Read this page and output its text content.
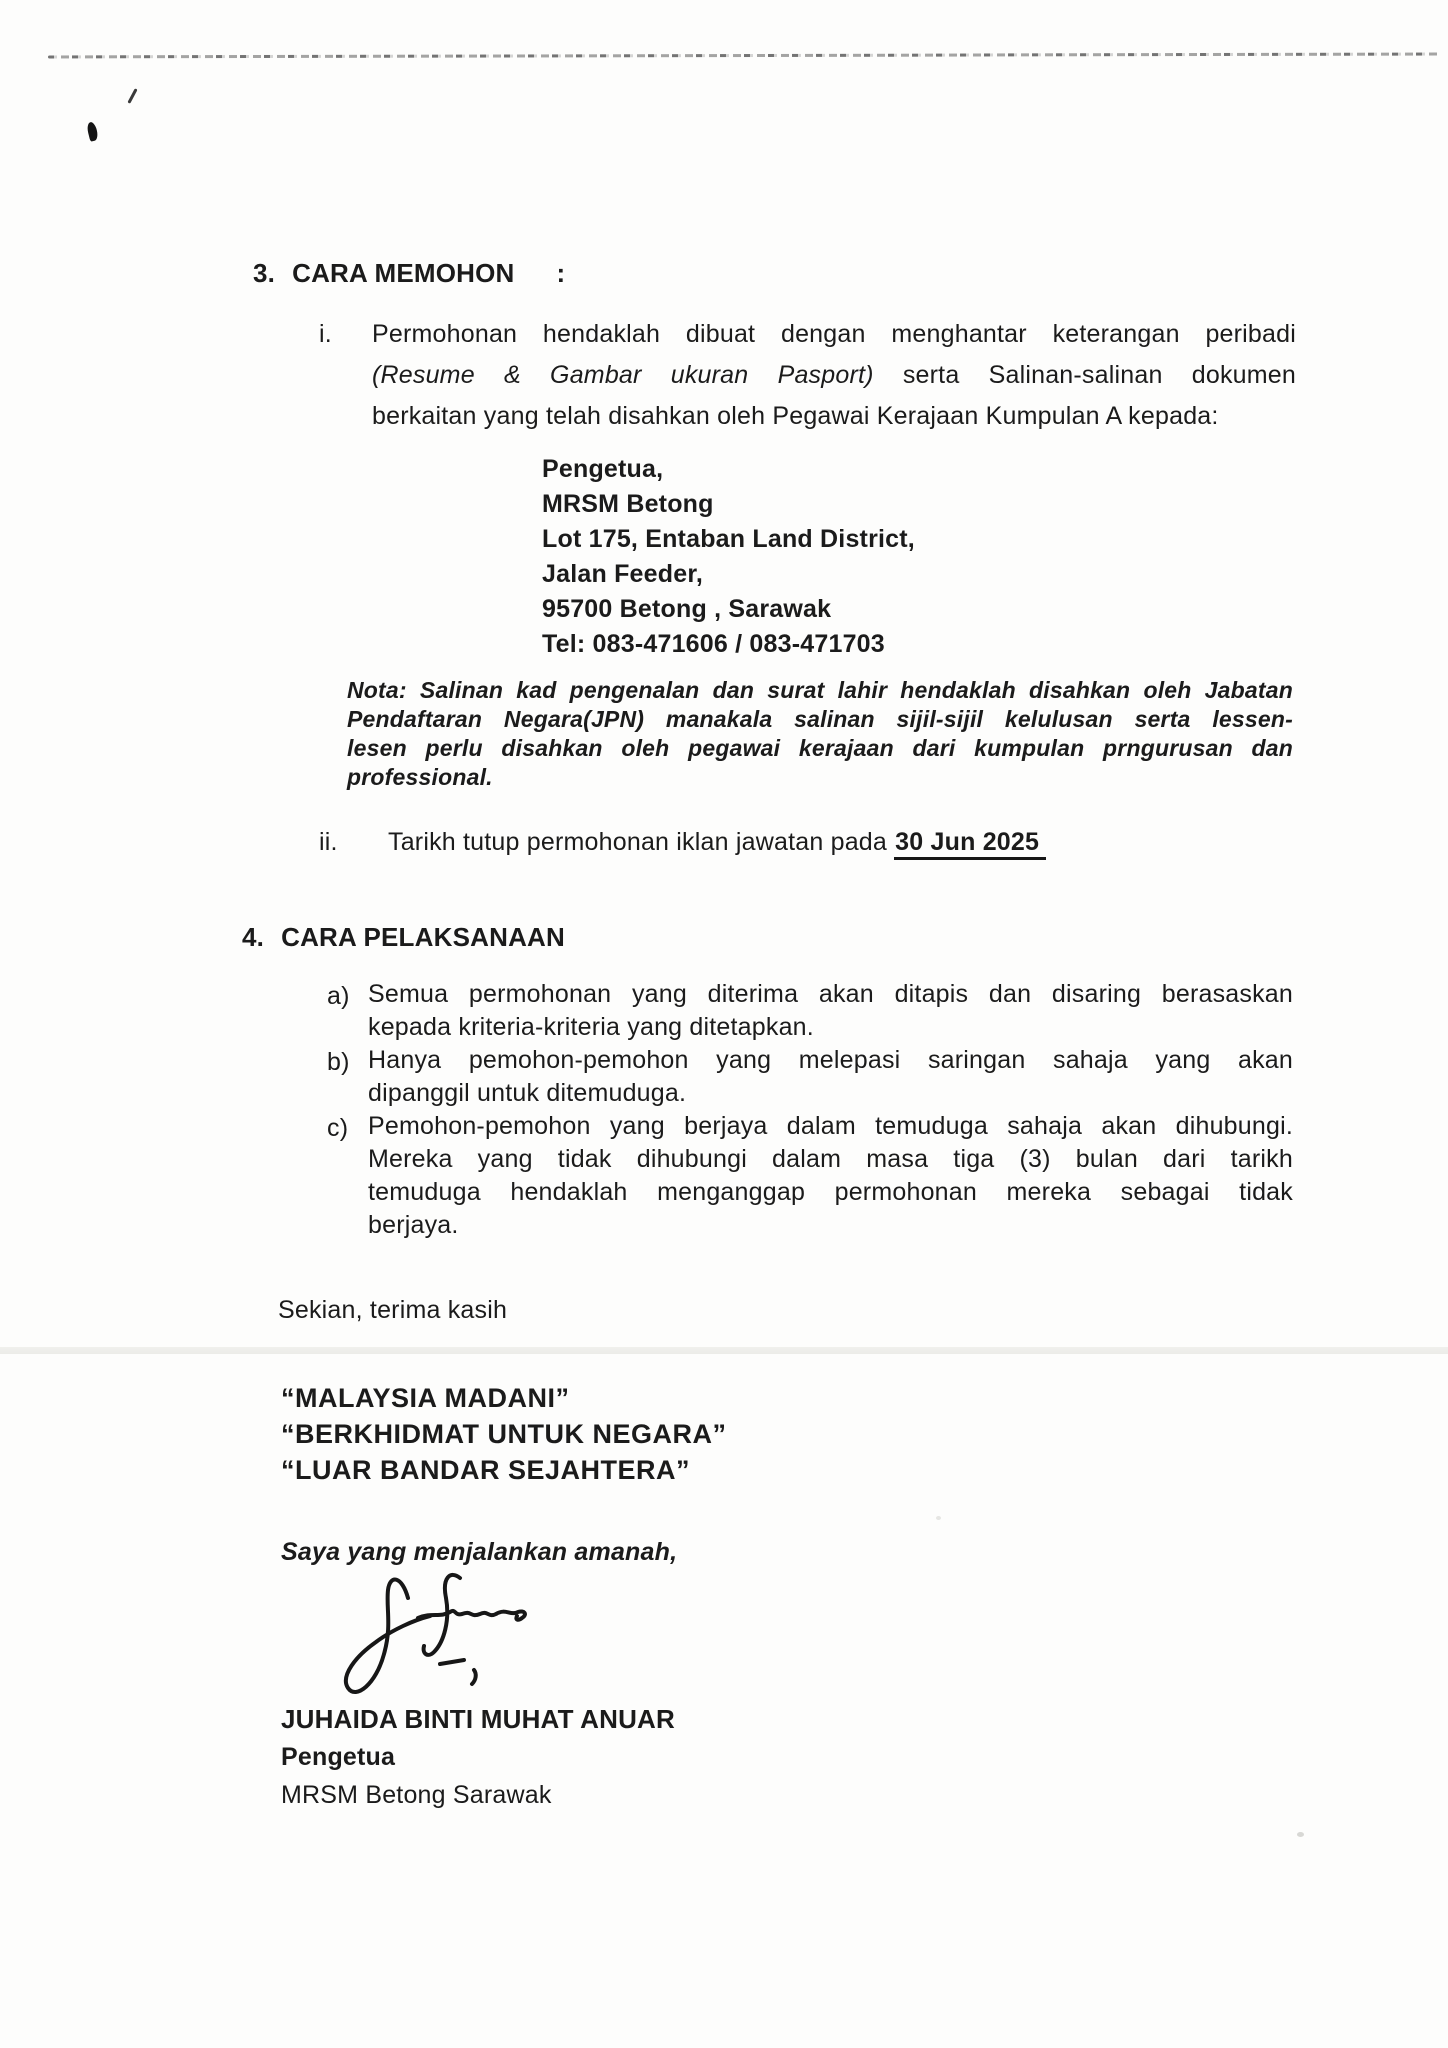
3. CARA MEMOHON :
i. Permohonan hendaklah dibuat dengan menghantar keterangan peribadi
(Resume & Gambar ukuran Pasport) serta Salinan-salinan dokumen
berkaitan yang telah disahkan oleh Pegawai Kerajaan Kumpulan A kepada:
Pengetua,
MRSM Betong
Lot 175, Entaban Land District,
Jalan Feeder,
95700 Betong , Sarawak
Tel: 083-471606 / 083-471703
Nota: Salinan kad pengenalan dan surat lahir hendaklah disahkan oleh Jabatan
Pendaftaran Negara(JPN) manakala salinan sijil-sijil kelulusan serta lessen-
lesen perlu disahkan oleh pegawai kerajaan dari kumpulan prngurusan dan
professional.
ii. Tarikh tutup permohonan iklan jawatan pada 30 Jun 2025
4. CARA PELAKSANAAN
a) Semua permohonan yang diterima akan ditapis dan disaring berasaskan
kepada kriteria-kriteria yang ditetapkan.
b) Hanya pemohon-pemohon yang melepasi saringan sahaja yang akan
dipanggil untuk ditemuduga.
c) Pemohon-pemohon yang berjaya dalam temuduga sahaja akan dihubungi.
Mereka yang tidak dihubungi dalam masa tiga (3) bulan dari tarikh
temuduga hendaklah menganggap permohonan mereka sebagai tidak
berjaya.
Sekian, terima kasih
“MALAYSIA MADANI”
“BERKHIDMAT UNTUK NEGARA”
“LUAR BANDAR SEJAHTERA”
Saya yang menjalankan amanah,
JUHAIDA BINTI MUHAT ANUAR
Pengetua
MRSM Betong Sarawak
